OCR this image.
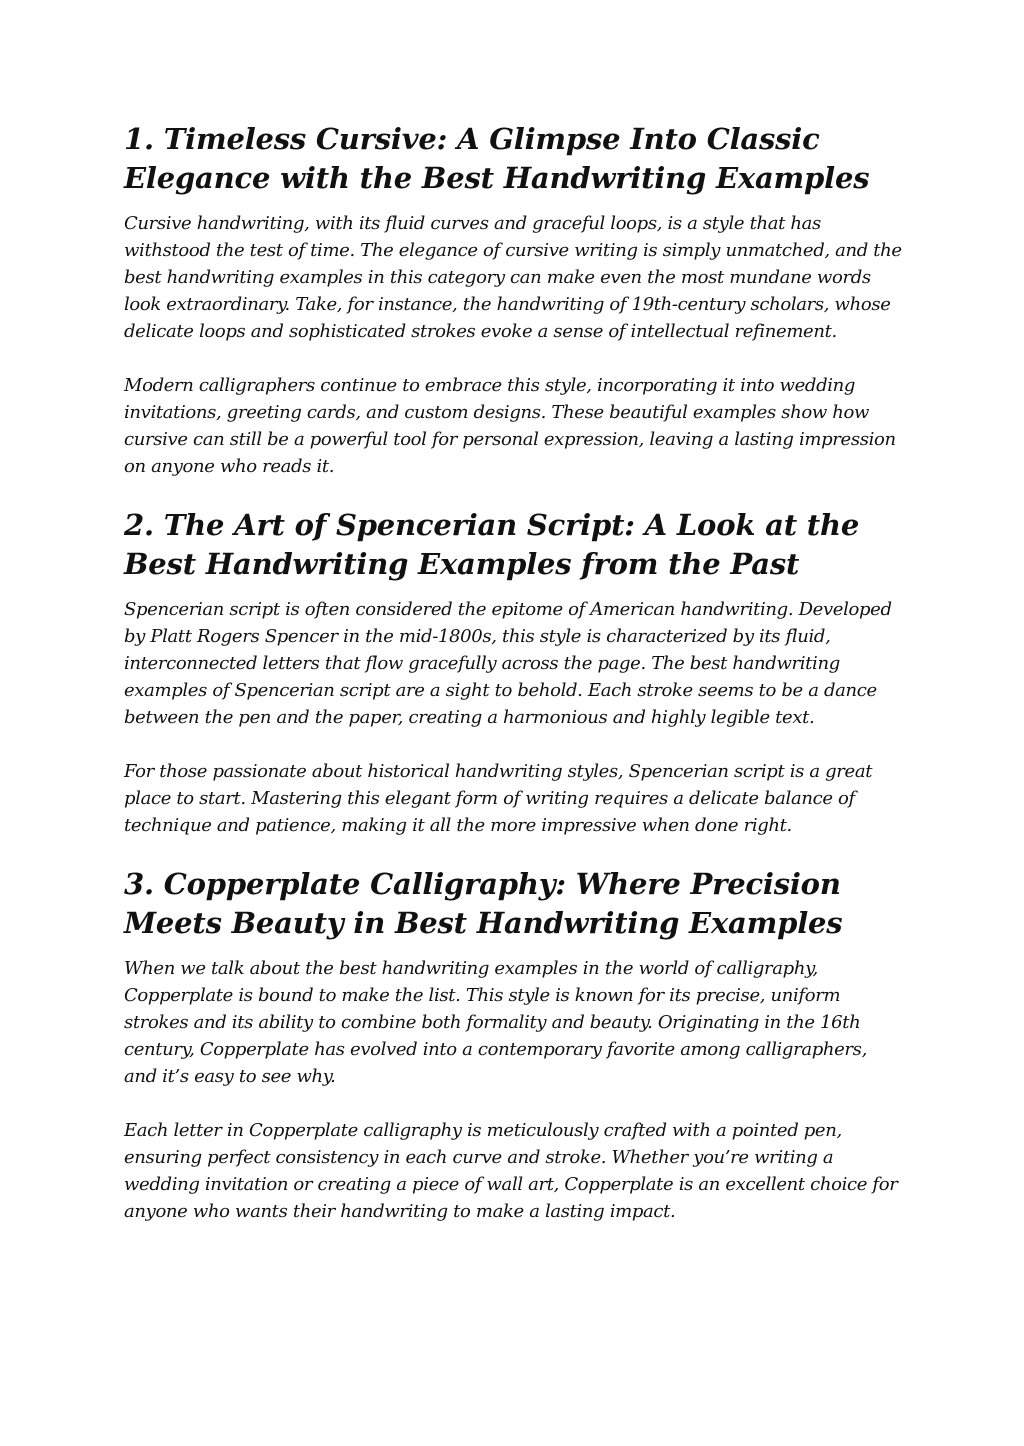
1. Timeless Cursive: A Glimpse Into Classic Elegance with the Best Handwriting Examples

Cursive handwriting, with its fluid curves and graceful loops, is a style that has withstood the test of time. The elegance of cursive writing is simply unmatched, and the best handwriting examples in this category can make even the most mundane words look extraordinary. Take, for instance, the handwriting of 19th-century scholars, whose delicate loops and sophisticated strokes evoke a sense of intellectual refinement.

Modern calligraphers continue to embrace this style, incorporating it into wedding invitations, greeting cards, and custom designs. These beautiful examples show how cursive can still be a powerful tool for personal expression, leaving a lasting impression on anyone who reads it.

2. The Art of Spencerian Script: A Look at the Best Handwriting Examples from the Past

Spencerian script is often considered the epitome of American handwriting. Developed by Platt Rogers Spencer in the mid-1800s, this style is characterized by its fluid, interconnected letters that flow gracefully across the page. The best handwriting examples of Spencerian script are a sight to behold. Each stroke seems to be a dance between the pen and the paper, creating a harmonious and highly legible text.

For those passionate about historical handwriting styles, Spencerian script is a great place to start. Mastering this elegant form of writing requires a delicate balance of technique and patience, making it all the more impressive when done right.

3. Copperplate Calligraphy: Where Precision Meets Beauty in Best Handwriting Examples

When we talk about the best handwriting examples in the world of calligraphy, Copperplate is bound to make the list. This style is known for its precise, uniform strokes and its ability to combine both formality and beauty. Originating in the 16th century, Copperplate has evolved into a contemporary favorite among calligraphers, and it’s easy to see why.

Each letter in Copperplate calligraphy is meticulously crafted with a pointed pen, ensuring perfect consistency in each curve and stroke. Whether you’re writing a wedding invitation or creating a piece of wall art, Copperplate is an excellent choice for anyone who wants their handwriting to make a lasting impact.
